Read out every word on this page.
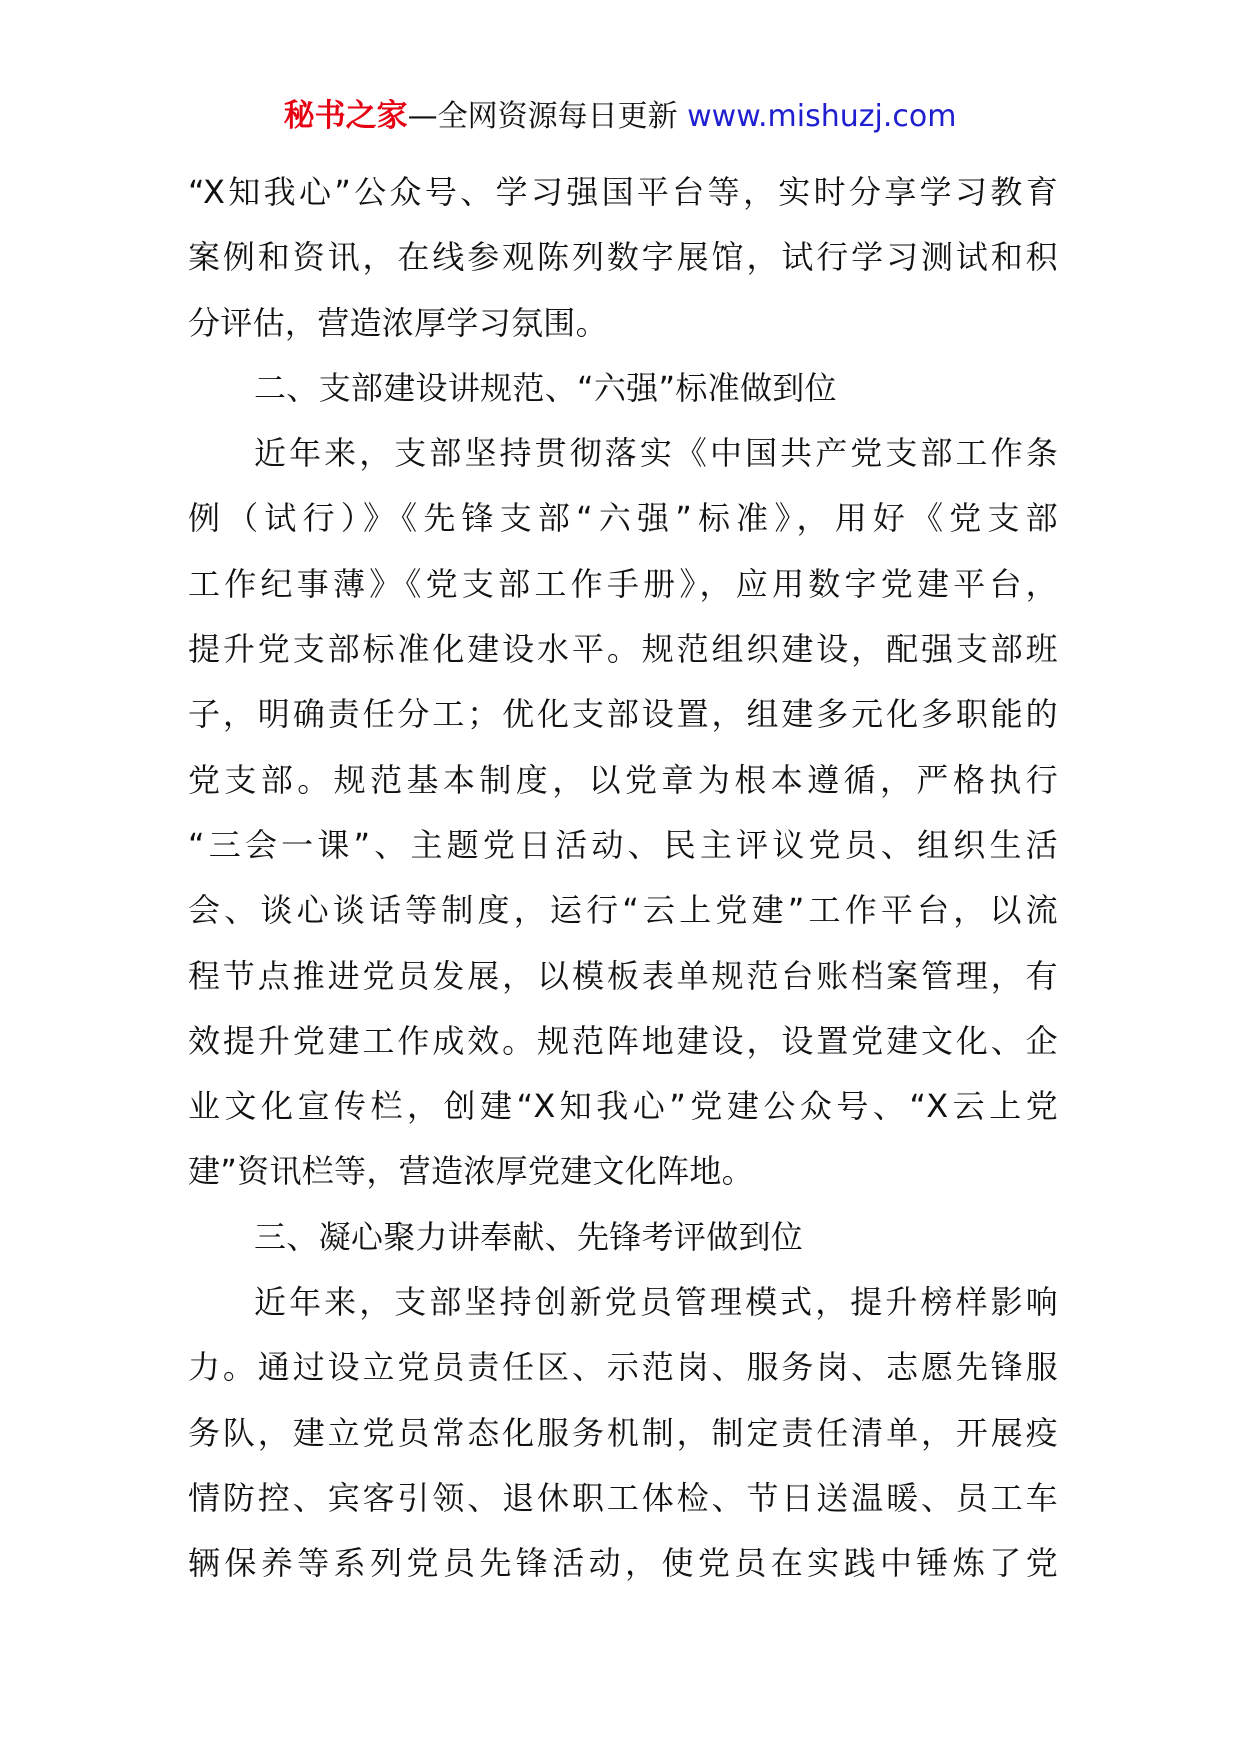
秘书之家—全网资源每日更新 www.mishuzj.com
“X知我心”公众号、学习强国平台等，实时分享学习教育
案例和资讯，在线参观陈列数字展馆，试行学习测试和积
分评估，营造浓厚学习氛围。
二、支部建设讲规范、“六强”标准做到位
近年来，支部坚持贯彻落实《中国共产党支部工作条
例（试行）》《先锋支部“六强”标准》，用好《党支部
工作纪事薄》《党支部工作手册》，应用数字党建平台，
提升党支部标准化建设水平。规范组织建设，配强支部班
子，明确责任分工；优化支部设置，组建多元化多职能的
党支部。规范基本制度，以党章为根本遵循，严格执行
“三会一课”、主题党日活动、民主评议党员、组织生活
会、谈心谈话等制度，运行“云上党建”工作平台，以流
程节点推进党员发展，以模板表单规范台账档案管理，有
效提升党建工作成效。规范阵地建设，设置党建文化、企
业文化宣传栏，创建“X知我心”党建公众号、“X云上党
建”资讯栏等，营造浓厚党建文化阵地。
三、凝心聚力讲奉献、先锋考评做到位
近年来，支部坚持创新党员管理模式，提升榜样影响
力。通过设立党员责任区、示范岗、服务岗、志愿先锋服
务队，建立党员常态化服务机制，制定责任清单，开展疫
情防控、宾客引领、退休职工体检、节日送温暖、员工车
辆保养等系列党员先锋活动，使党员在实践中锤炼了党
